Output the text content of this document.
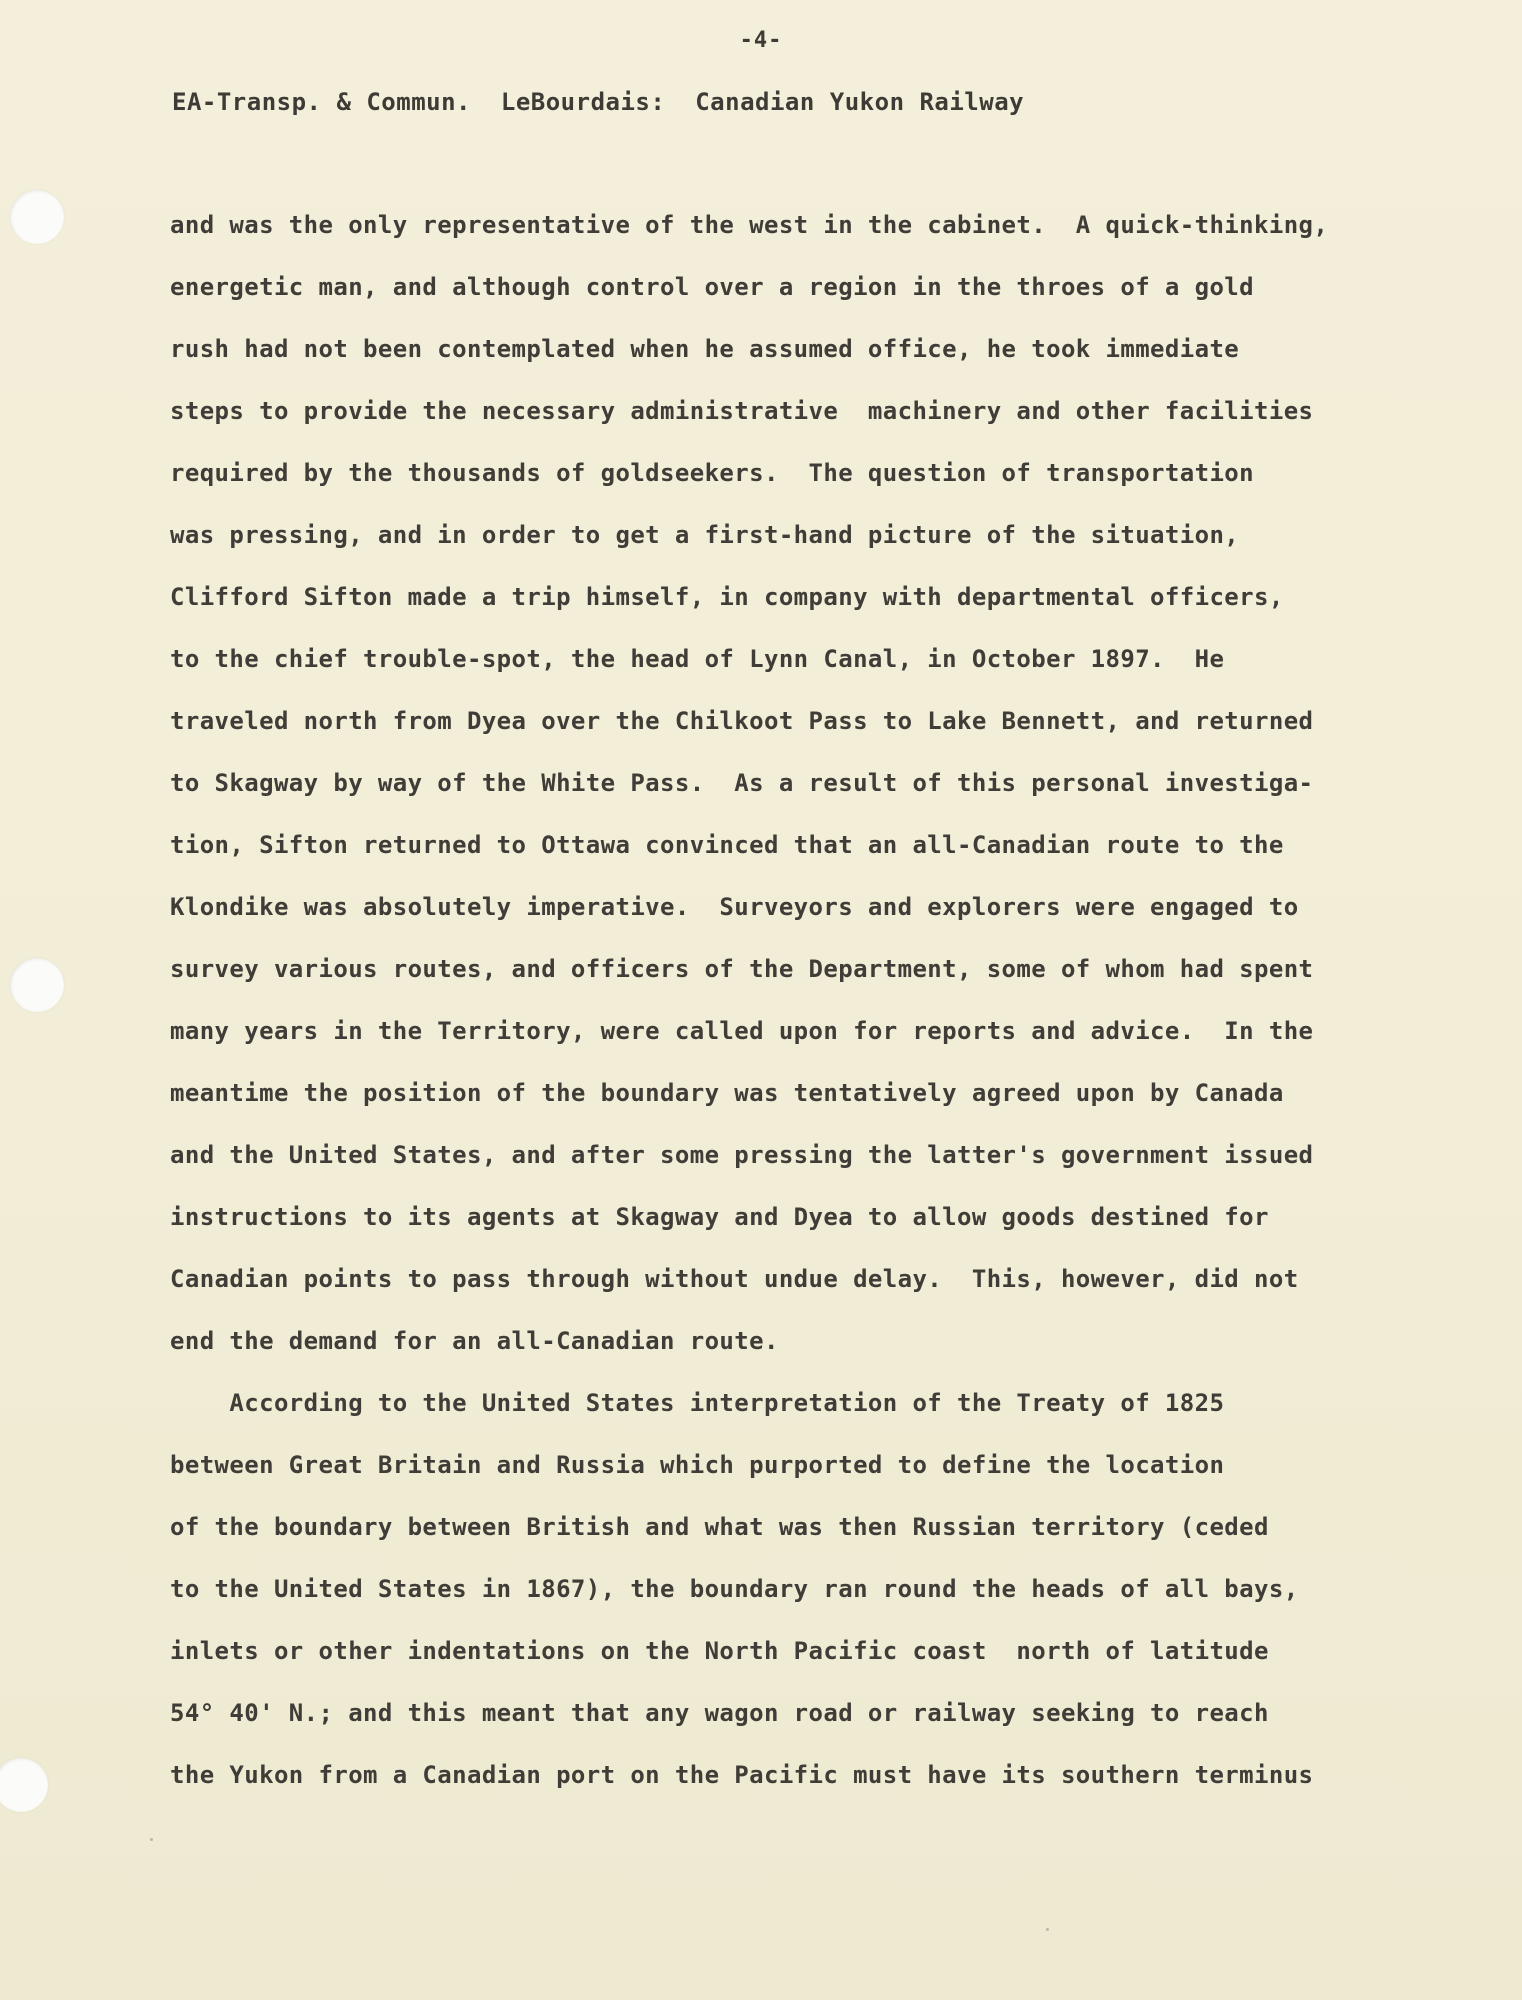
-4-
EA-Transp. & Commun.  LeBourdais:  Canadian Yukon Railway
and was the only representative of the west in the cabinet.  A quick-thinking,
energetic man, and although control over a region in the throes of a gold
rush had not been contemplated when he assumed office, he took immediate
steps to provide the necessary administrative  machinery and other facilities
required by the thousands of goldseekers.  The question of transportation
was pressing, and in order to get a first-hand picture of the situation,
Clifford Sifton made a trip himself, in company with departmental officers,
to the chief trouble-spot, the head of Lynn Canal, in October 1897.  He
traveled north from Dyea over the Chilkoot Pass to Lake Bennett, and returned
to Skagway by way of the White Pass.  As a result of this personal investiga-
tion, Sifton returned to Ottawa convinced that an all-Canadian route to the
Klondike was absolutely imperative.  Surveyors and explorers were engaged to
survey various routes, and officers of the Department, some of whom had spent
many years in the Territory, were called upon for reports and advice.  In the
meantime the position of the boundary was tentatively agreed upon by Canada
and the United States, and after some pressing the latter's government issued
instructions to its agents at Skagway and Dyea to allow goods destined for
Canadian points to pass through without undue delay.  This, however, did not
end the demand for an all-Canadian route.
According to the United States interpretation of the Treaty of 1825
between Great Britain and Russia which purported to define the location
of the boundary between British and what was then Russian territory (ceded
to the United States in 1867), the boundary ran round the heads of all bays,
inlets or other indentations on the North Pacific coast  north of latitude
54° 40' N.; and this meant that any wagon road or railway seeking to reach
the Yukon from a Canadian port on the Pacific must have its southern terminus
